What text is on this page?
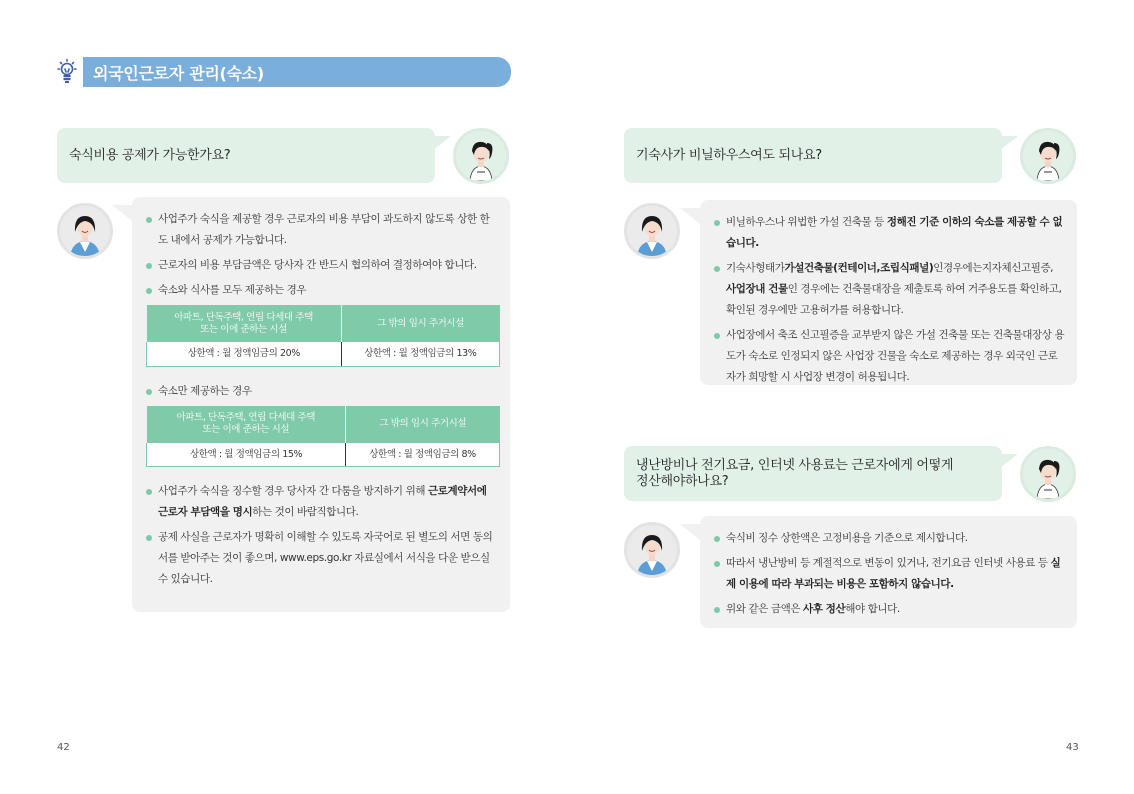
외국인근로자 관리(숙소)
숙식비용 공제가 가능한가요?
사업주가 숙식을 제공할 경우 근로자의 비용 부담이 과도하지 않도록 상한 한도 내에서 공제가 가능합니다.
근로자의 비용 부담금액은 당사자 간 반드시 협의하여 결정하여야 합니다.
숙소와 식사를 모두 제공하는 경우
아파트, 단독주택, 연립 다세대 주택
또는 이에 준하는 시설	그 밖의 임시 주거시설
상한액 : 월 정액임금의 20%	상한액 : 월 정액임금의 13%
숙소만 제공하는 경우
아파트, 단독주택, 연립 다세대 주택
또는 이에 준하는 시설	그 밖의 임시 주거시설
상한액 : 월 정액임금의 15%	상한액 : 월 정액임금의 8%
사업주가 숙식을 징수할 경우 당사자 간 다툼을 방지하기 위해 근로계약서에 근로자 부담액을 명시하는 것이 바람직합니다.
공제 사실을 근로자가 명확히 이해할 수 있도록 자국어로 된 별도의 서면 동의서를 받아주는 것이 좋으며, www.eps.go.kr 자료실에서 서식을 다운 받으실 수 있습니다.
42
기숙사가 비닐하우스여도 되나요?
비닐하우스나 위법한 가설 건축물 등 정해진 기준 이하의 숙소를 제공할 수 없습니다.
기숙사형태가가설건축물(컨테이너,조립식패널)인경우에는지자체신고필증, 사업장내 건물인 경우에는 건축물대장을 제출토록 하여 거주용도를 확인하고, 확인된 경우에만 고용허가를 허용합니다.
사업장에서 축조 신고필증을 교부받지 않은 가설 건축물 또는 건축물대장상 용도가 숙소로 인정되지 않은 사업장 건물을 숙소로 제공하는 경우 외국인 근로자가 희망할 시 사업장 변경이 허용됩니다.
냉난방비나 전기요금, 인터넷 사용료는 근로자에게 어떻게
정산해야하나요?
숙식비 징수 상한액은 고정비용을 기준으로 제시합니다.
따라서 냉난방비 등 계절적으로 변동이 있거나, 전기요금 인터넷 사용료 등 실제 이용에 따라 부과되는 비용은 포함하지 않습니다.
위와 같은 금액은 사후 정산해야 합니다.
43
